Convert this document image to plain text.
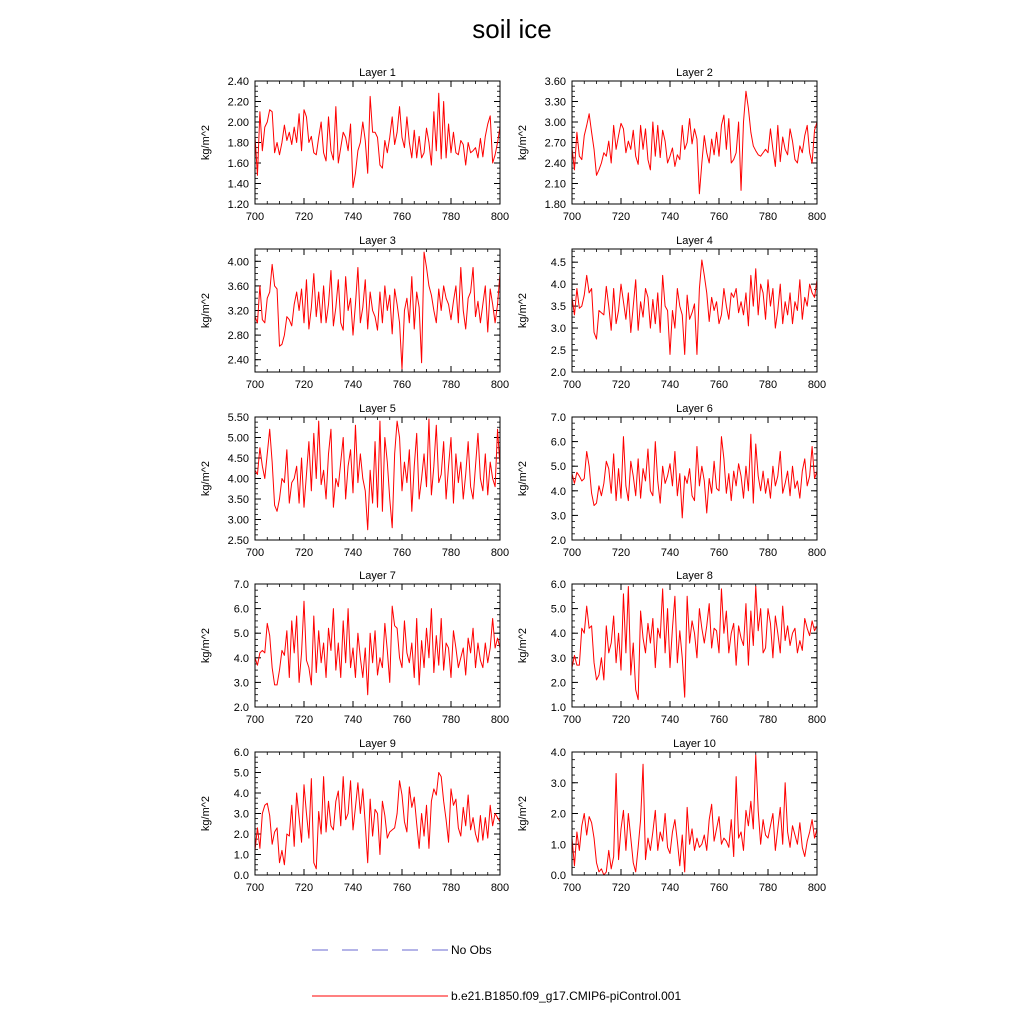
soil ice
Layer 1
kg/m^2
700	720	740	760	780	800
1.20
1.40
1.60
1.80
2.00
2.20
2.40
Layer 2
kg/m^2
700	720	740	760	780	800
1.80
2.10
2.40
2.70
3.00
3.30
3.60
Layer 3
kg/m^2
700	720	740	760	780	800
2.40
2.80
3.20
3.60
4.00
Layer 4
kg/m^2
700	720	740	760	780	800
2.0
2.5
3.0
3.5
4.0
4.5
Layer 5
kg/m^2
700	720	740	760	780	800
2.50
3.00
3.50
4.00
4.50
5.00
5.50
Layer 6
kg/m^2
700	720	740	760	780	800
2.0
3.0
4.0
5.0
6.0
7.0
Layer 7
kg/m^2
700	720	740	760	780	800
2.0
3.0
4.0
5.0
6.0
7.0
Layer 8
kg/m^2
700	720	740	760	780	800
1.0
2.0
3.0
4.0
5.0
6.0
Layer 9
kg/m^2
700	720	740	760	780	800
0.0
1.0
2.0
3.0
4.0
5.0
6.0
Layer 10
kg/m^2
700	720	740	760	780	800
0.0
1.0
2.0
3.0
4.0
No Obs
b.e21.B1850.f09_g17.CMIP6-piControl.001
